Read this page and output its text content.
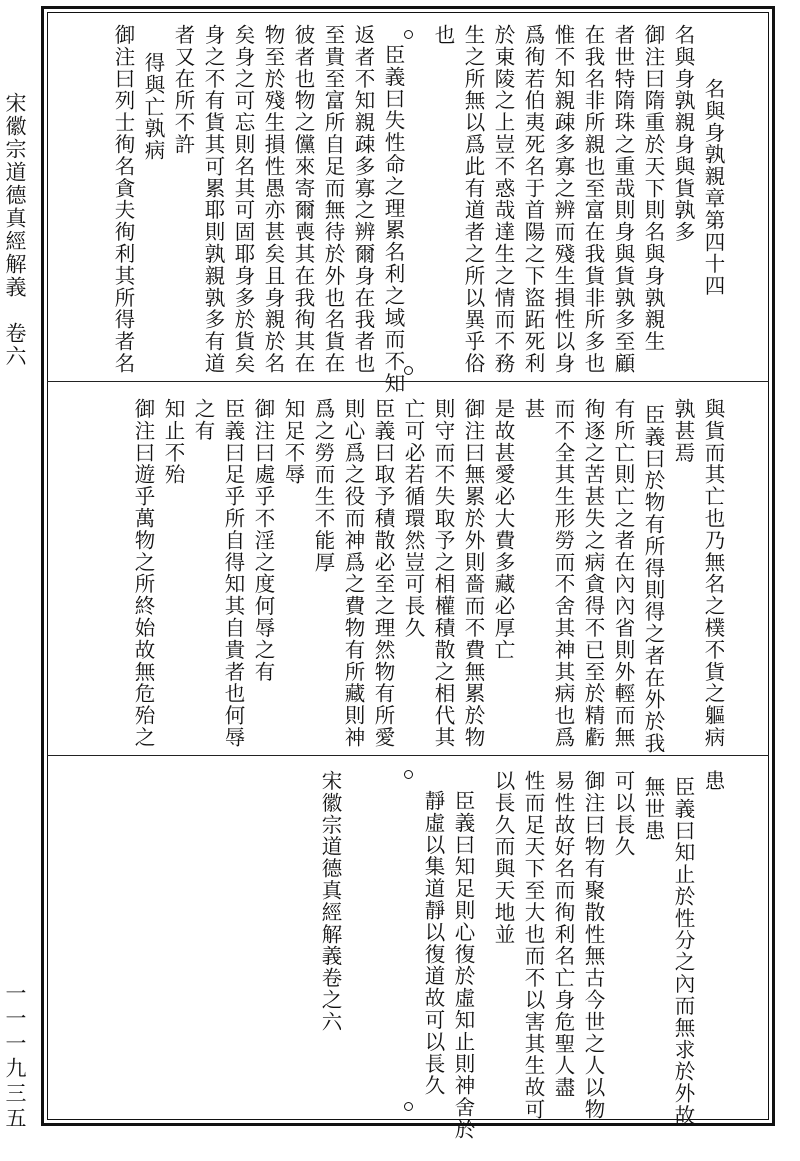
宋徽宗道德真經解義　卷六
一一一九三五
名與身孰親章第四十四
名與身孰親身與貨孰多
御注曰隋重於天下則名與身孰親生
者世特隋珠之重哉則身與貨孰多至顧
在我名非所親也至富在我貨非所多也
惟不知親疎多寡之辨而殘生損性以身
爲徇若伯夷死名于首陽之下盜跖死利
於東陵之上豈不惑哉達生之情而不務
生之所無以爲此有道者之所以異乎俗
也
臣義曰失性命之理累名利之域而不知
返者不知親疎多寡之辨爾身在我者也
至貴至富所自足而無待於外也名貨在
彼者也物之儻來寄爾喪其在我徇其在
物至於殘生損性愚亦甚矣且身親於名
矣身之可忘則名其可固耶身多於貨矣
身之不有貨其可累耶則孰親孰多有道
者又在所不許
得與亡孰病
御注曰列士徇名貪夫徇利其所得者名
與貨而其亡也乃無名之樸不貨之軀病
孰甚焉
臣義曰於物有所得則得之者在外於我
有所亡則亡之者在內內省則外輕而無
徇逐之苦甚失之病貪得不已至於精虧
而不全其生形勞而不舍其神其病也爲
甚
是故甚愛必大費多藏必厚亡
御注曰無累於外則嗇而不費無累於物
則守而不失取予之相權積散之相代其
亡可必若循環然豈可長久
臣義曰取予積散必至之理然物有所愛
則心爲之役而神爲之費物有所藏則神
爲之勞而生不能厚
知足不辱
御注曰處乎不淫之度何辱之有
臣義曰足乎所自得知其自貴者也何辱
之有
知止不殆
御注曰遊乎萬物之所終始故無危殆之
患
臣義曰知止於性分之內而無求於外故
無世患
可以長久
御注曰物有聚散性無古今世之人以物
易性故好名而徇利名亡身危聖人盡
性而足天下至大也而不以害其生故可
以長久而與天地並
臣義曰知足則心復於虛知止則神舍於
靜虛以集道靜以復道故可以長久
宋徽宗道德真經解義卷之六
